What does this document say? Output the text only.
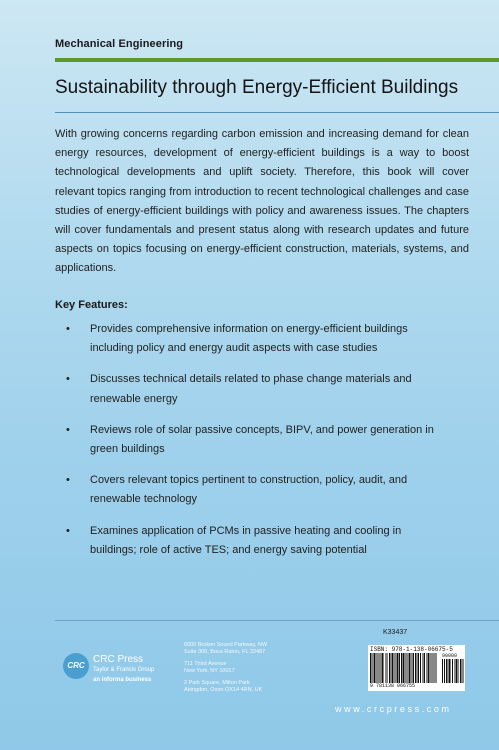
Mechanical Engineering
Sustainability through Energy-Efficient Buildings

With growing concerns regarding carbon emission and increasing demand for clean energy resources, development of energy-efficient buildings is a way to boost technological developments and uplift society. Therefore, this book will cover relevant topics ranging from introduction to recent technological challenges and case studies of energy-efficient buildings with policy and awareness issues. The chapters will cover fundamentals and present status along with research updates and future aspects on topics focusing on energy-efficient construction, materials, systems, and applications.

Key Features:
• Provides comprehensive information on energy-efficient buildings including policy and energy audit aspects with case studies
• Discusses technical details related to phase change materials and renewable energy
• Reviews role of solar passive concepts, BIPV, and power generation in green buildings
• Covers relevant topics pertinent to construction, policy, audit, and renewable technology
• Examines application of PCMs in passive heating and cooling in buildings; role of active TES; and energy saving potential
CRC
CRC Press
Taylor & Francis Group
an informa business
6000 Broken Sound Parkway, NW
Suite 300, Boca Raton, FL 33487
711 Third Avenue
New York, NY 10017
2 Park Square, Milton Park
Abingdon, Oxon OX14 4RN, UK
K33437
ISBN: 978-1-138-06675-5
90000
9 781138 066755
www.crcpress.com
